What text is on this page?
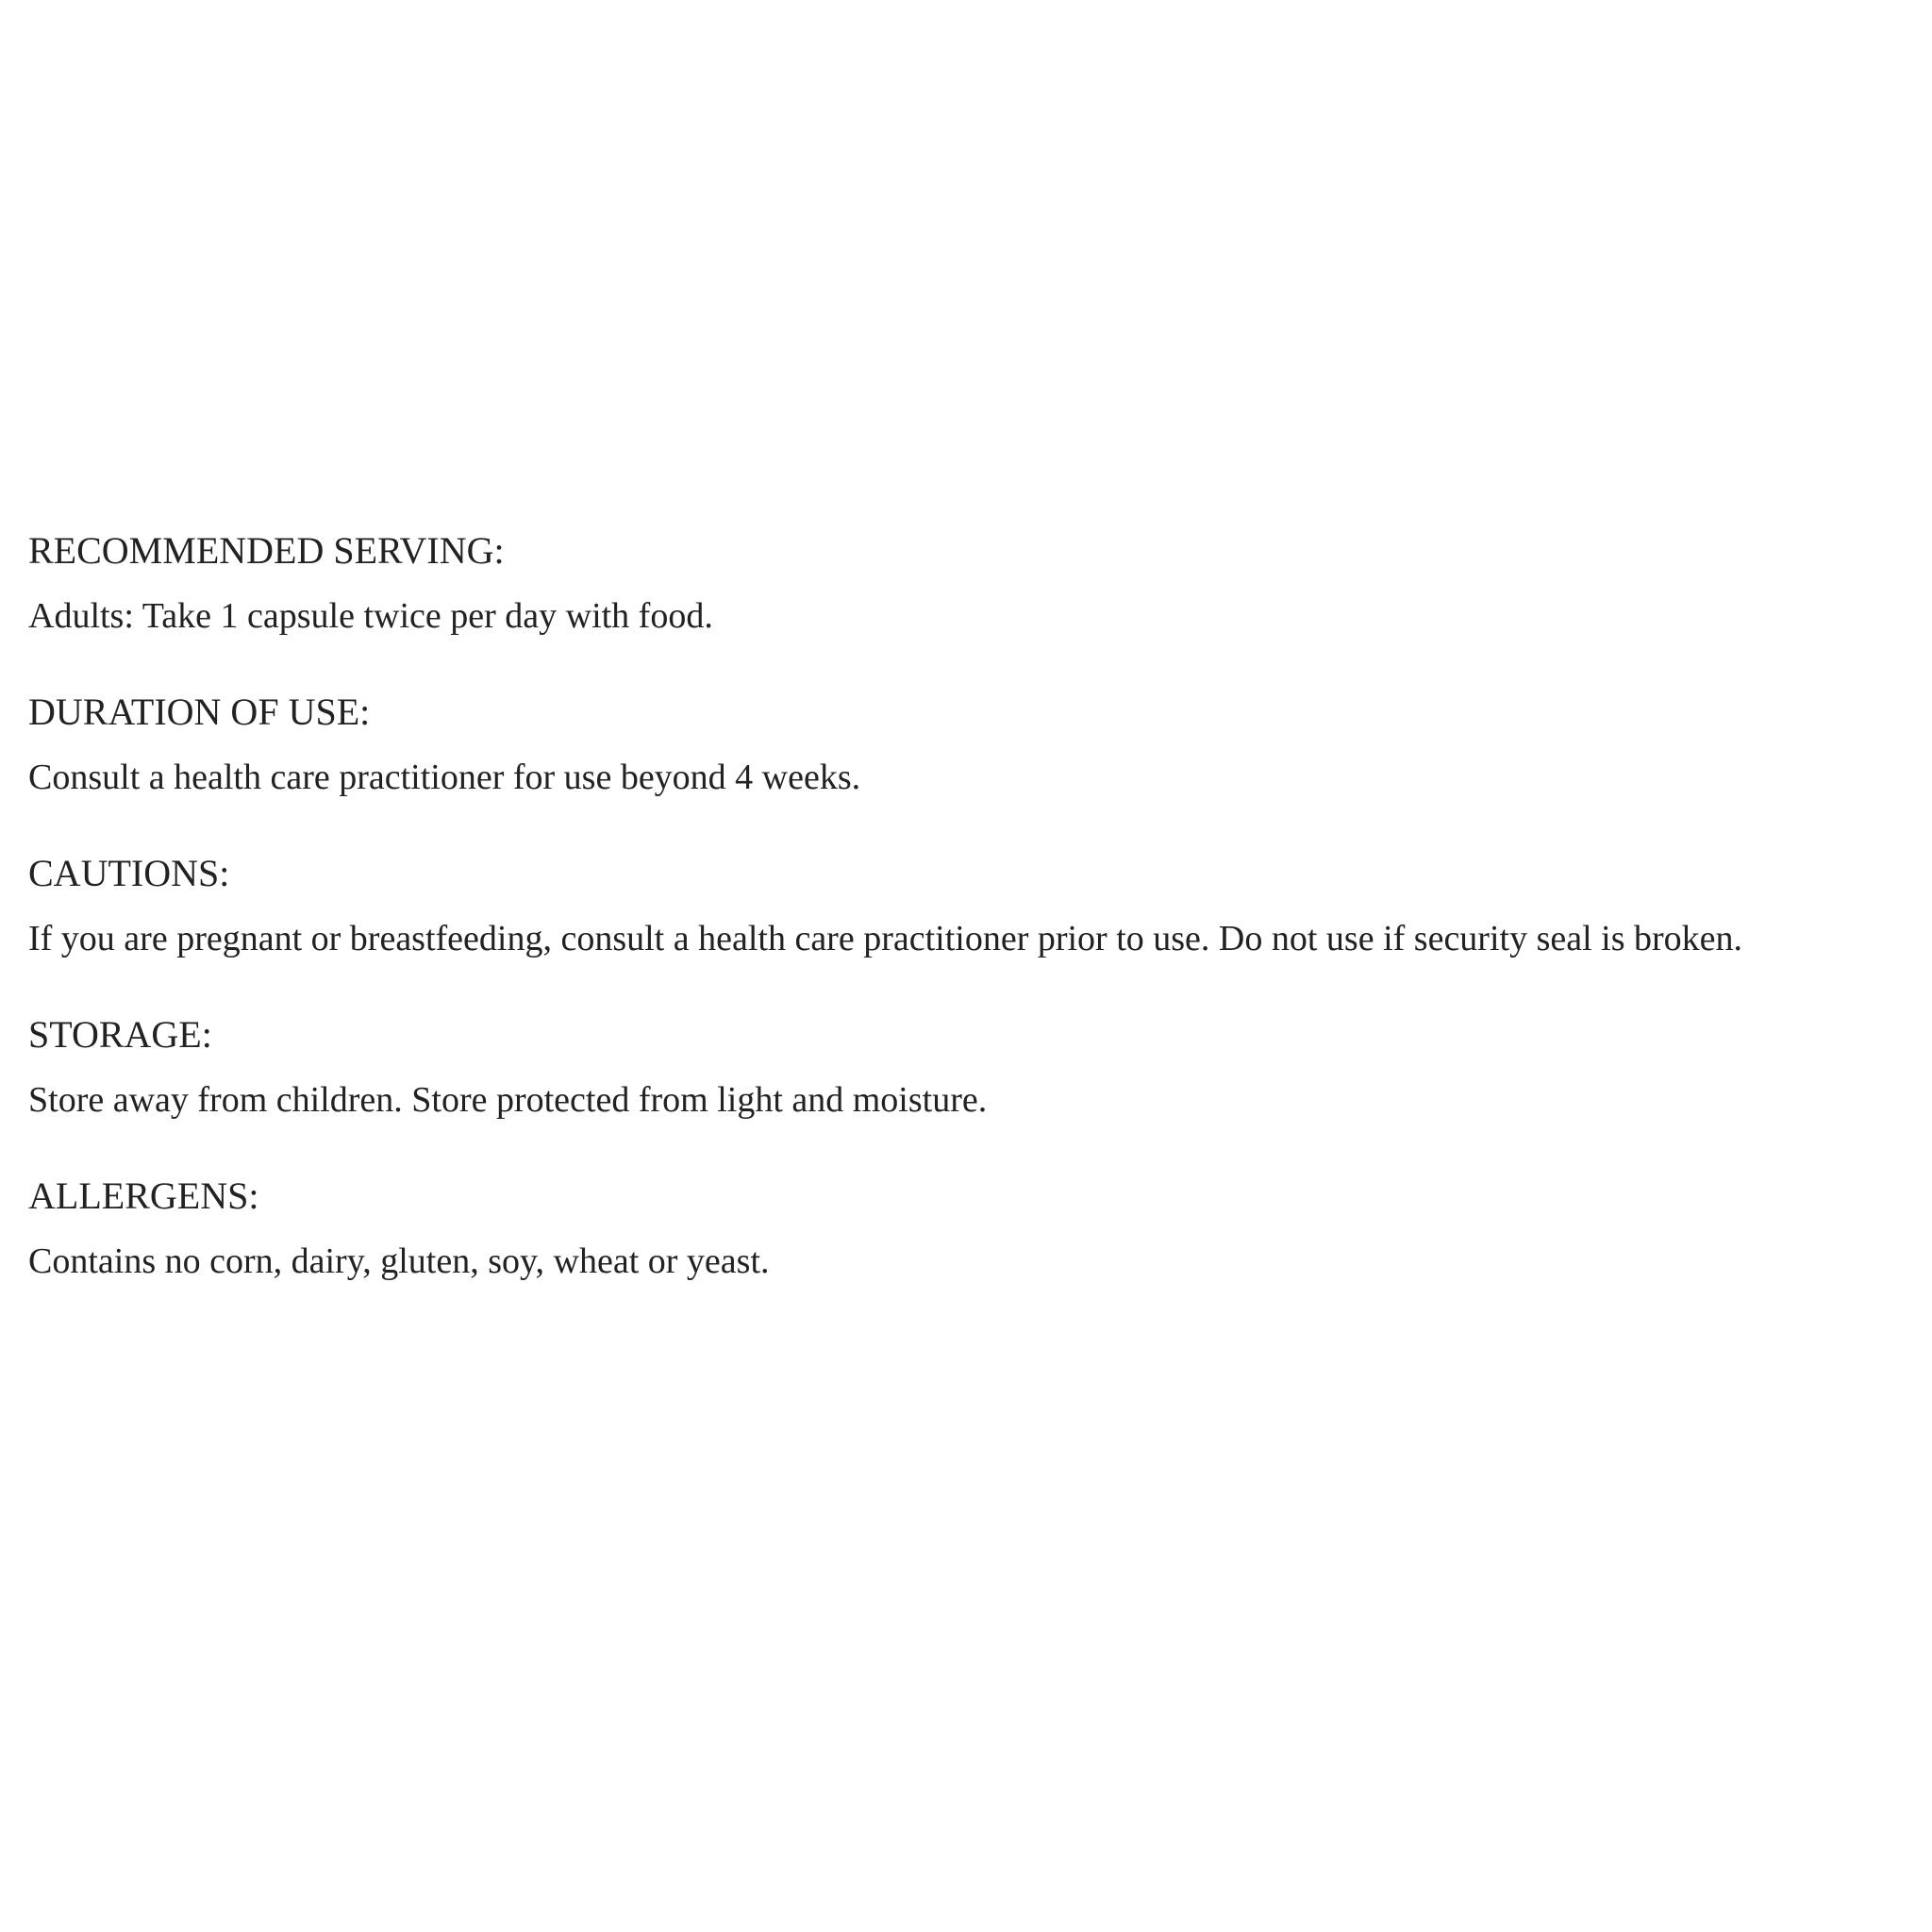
RECOMMENDED SERVING:

Adults: Take 1 capsule twice per day with food.

DURATION OF USE:

Consult a health care practitioner for use beyond 4 weeks.

CAUTIONS:

If you are pregnant or breastfeeding, consult a health care practitioner prior to use. Do not use if security seal is broken.

STORAGE:

Store away from children. Store protected from light and moisture.

ALLERGENS:

Contains no corn, dairy, gluten, soy, wheat or yeast.
